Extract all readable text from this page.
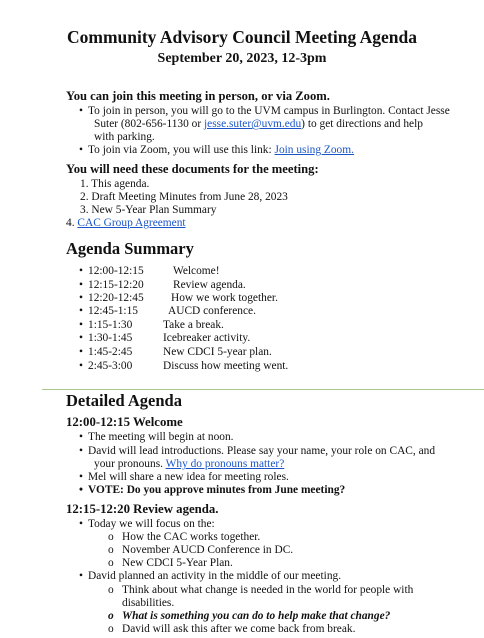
Community Advisory Council Meeting Agenda
September 20, 2023, 12-3pm
You can join this meeting in person, or via Zoom.
• To join in person, you will go to the UVM campus in Burlington. Contact Jesse
Suter (802-656-1130 or jesse.suter@uvm.edu) to get directions and help
with parking.
• To join via Zoom, you will use this link: Join using Zoom.
You will need these documents for the meeting:
1. This agenda.
2. Draft Meeting Minutes from June 28, 2023
3. New 5-Year Plan Summary
4. CAC Group Agreement
Agenda Summary
• 12:00-12:15	Welcome!
• 12:15-12:20	Review agenda.
• 12:20-12:45 How we work together.
• 12:45-1:15	AUCD conference.
• 1:15-1:30	Take a break.
• 1:30-1:45	Icebreaker activity.
• 1:45-2:45	New CDCI 5-year plan.
• 2:45-3:00	Discuss how meeting went.
Detailed Agenda
12:00-12:15 Welcome
• The meeting will begin at noon.
• David will lead introductions. Please say your name, your role on CAC, and
your pronouns. Why do pronouns matter?
• Mel will share a new idea for meeting roles.
• VOTE: Do you approve minutes from June meeting?
12:15-12:20 Review agenda.
• Today we will focus on the:
o How the CAC works together.
o November AUCD Conference in DC.
o New CDCI 5-Year Plan.
• David planned an activity in the middle of our meeting.
o Think about what change is needed in the world for people with
disabilities.
o What is something you can do to help make that change?
o David will ask this after we come back from break.
